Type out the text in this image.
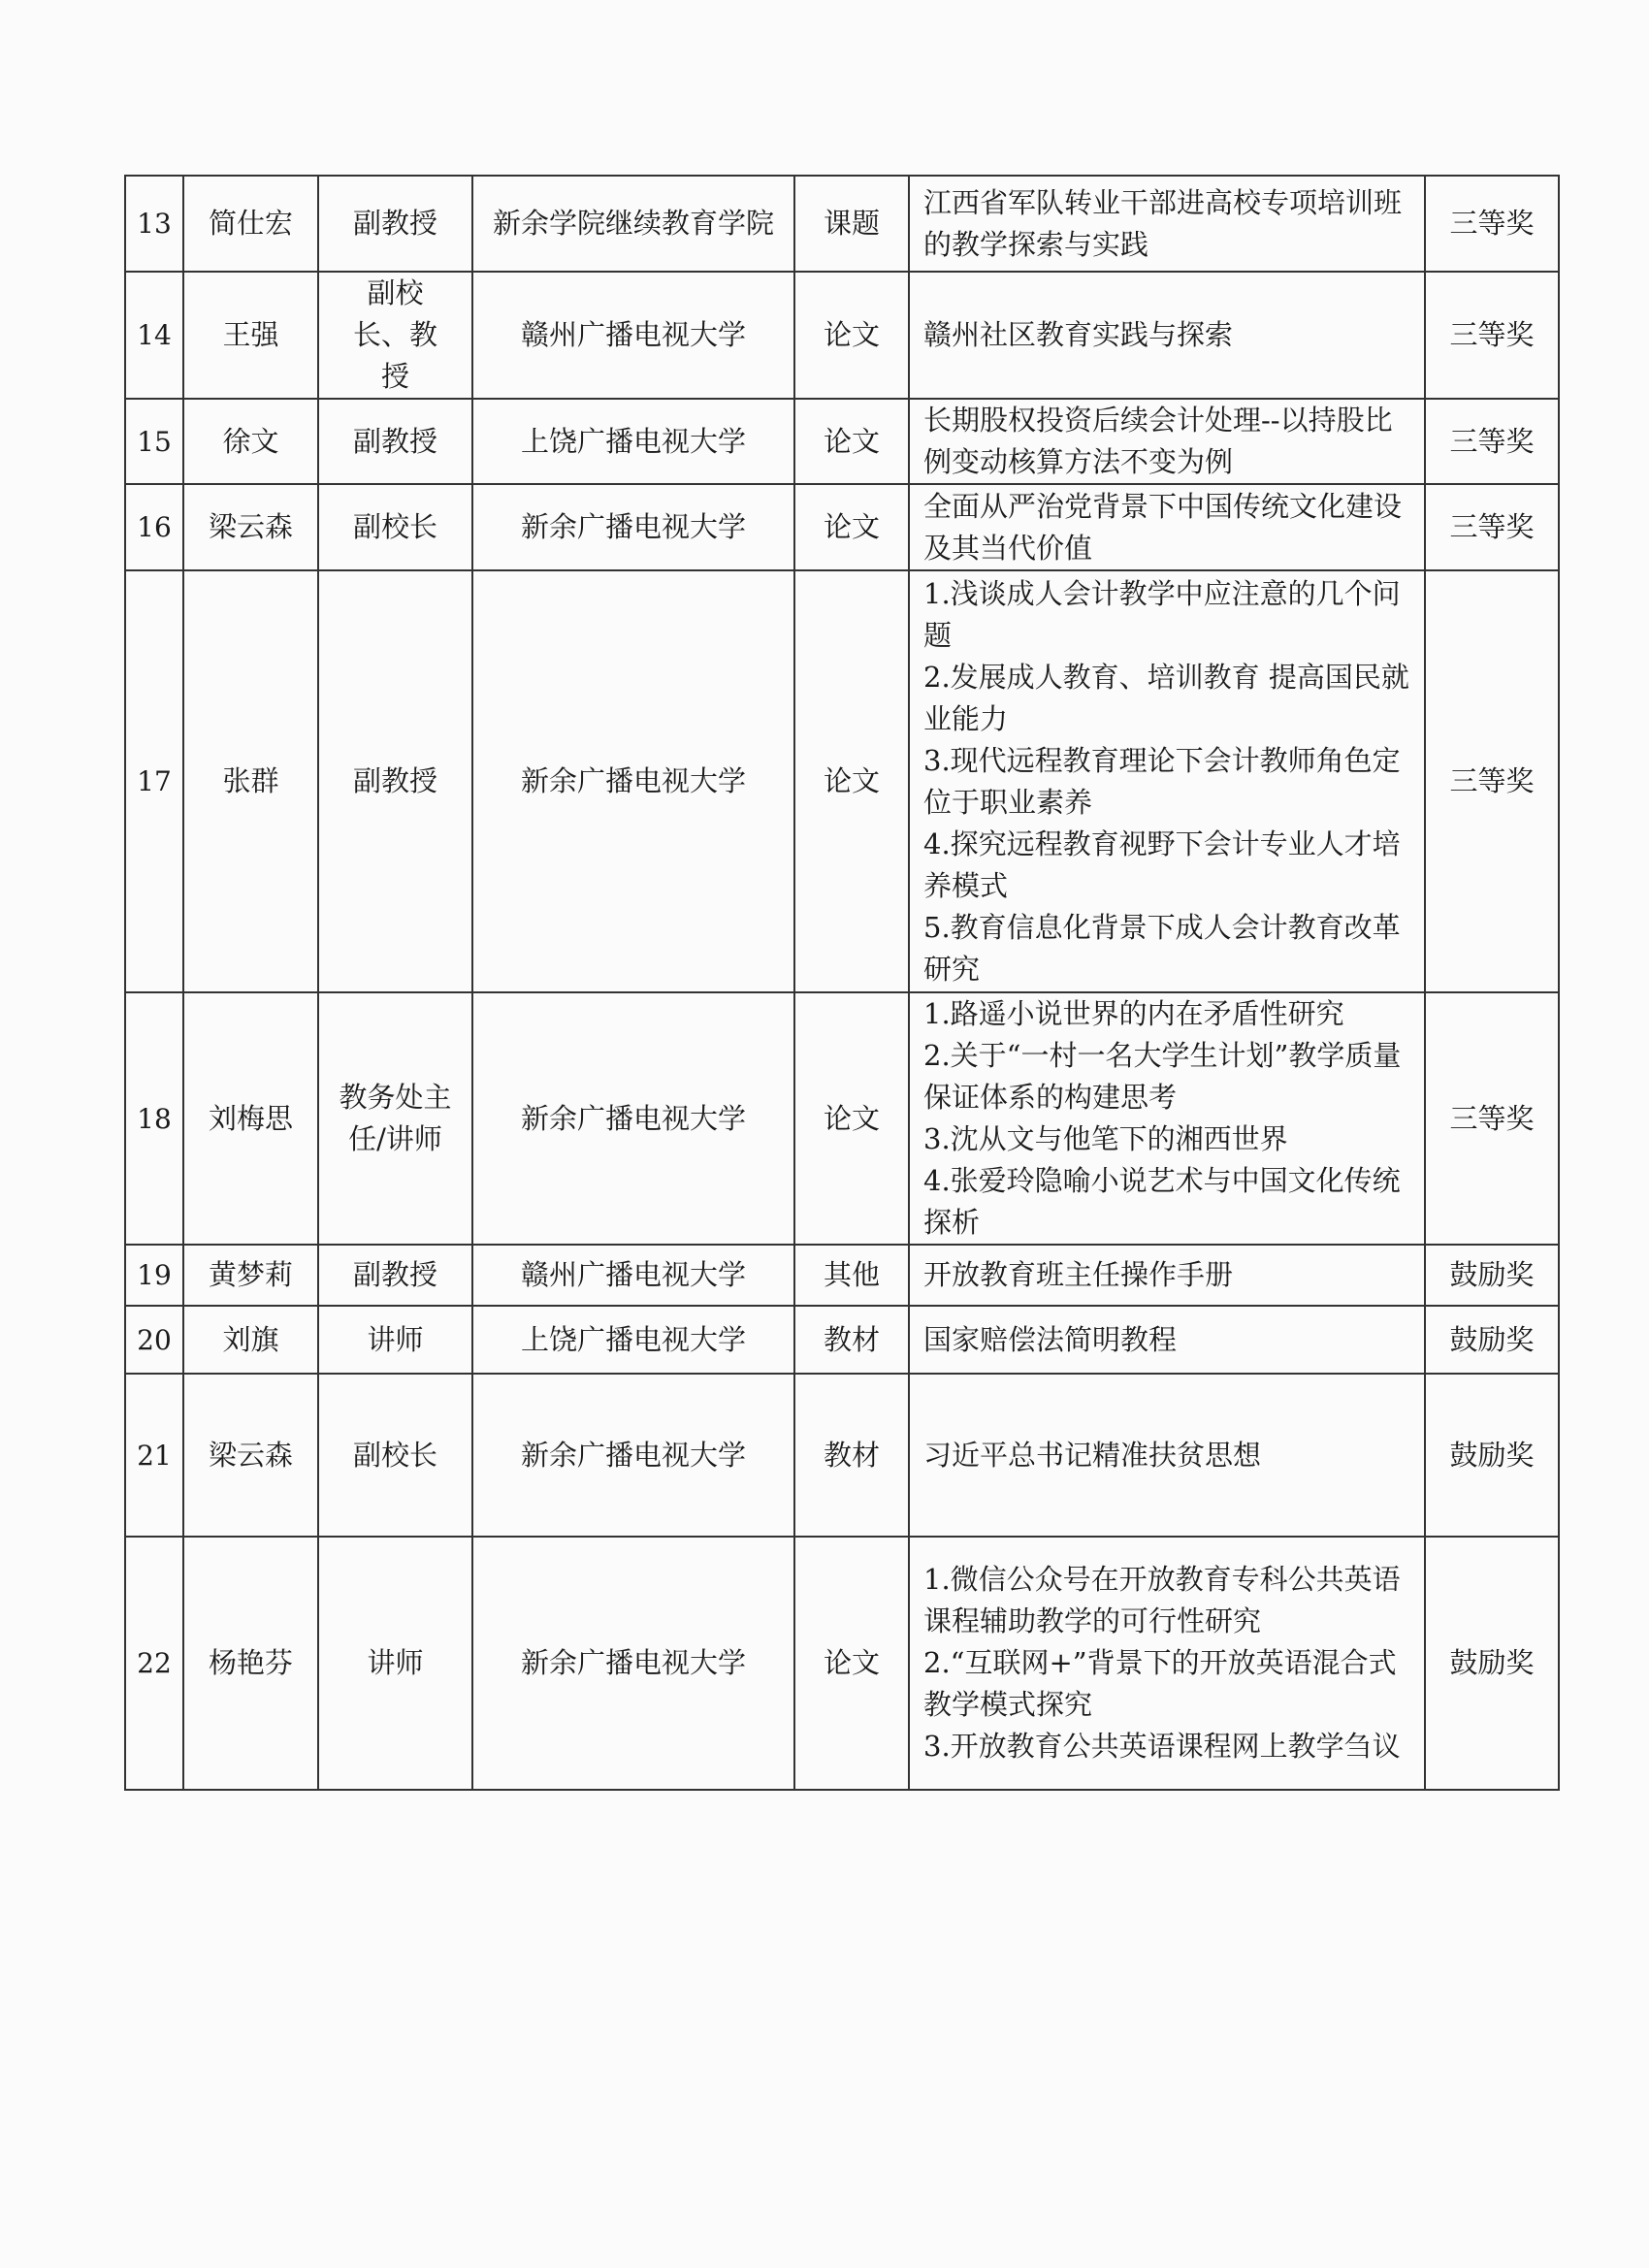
13	简仕宏	副教授	新余学院继续教育学院	课题	江西省军队转业干部进高校专项培训班的教学探索与实践	三等奖
14	王强	副校长、教授	赣州广播电视大学	论文	赣州社区教育实践与探索	三等奖
15	徐文	副教授	上饶广播电视大学	论文	长期股权投资后续会计处理--以持股比例变动核算方法不变为例	三等奖
16	梁云森	副校长	新余广播电视大学	论文	全面从严治党背景下中国传统文化建设及其当代价值	三等奖
17	张群	副教授	新余广播电视大学	论文	1.浅谈成人会计教学中应注意的几个问题
2.发展成人教育、培训教育 提高国民就业能力
3.现代远程教育理论下会计教师角色定位于职业素养
4.探究远程教育视野下会计专业人才培养模式
5.教育信息化背景下成人会计教育改革研究	三等奖
18	刘梅思	教务处主任/讲师	新余广播电视大学	论文	1.路遥小说世界的内在矛盾性研究
2.关于“一村一名大学生计划”教学质量保证体系的构建思考
3.沈从文与他笔下的湘西世界
4.张爱玲隐喻小说艺术与中国文化传统探析	三等奖
19	黄梦莉	副教授	赣州广播电视大学	其他	开放教育班主任操作手册	鼓励奖
20	刘旗	讲师	上饶广播电视大学	教材	国家赔偿法简明教程	鼓励奖
21	梁云森	副校长	新余广播电视大学	教材	习近平总书记精准扶贫思想	鼓励奖
22	杨艳芬	讲师	新余广播电视大学	论文	1.微信公众号在开放教育专科公共英语课程辅助教学的可行性研究
2.“互联网+”背景下的开放英语混合式教学模式探究
3.开放教育公共英语课程网上教学刍议	鼓励奖
